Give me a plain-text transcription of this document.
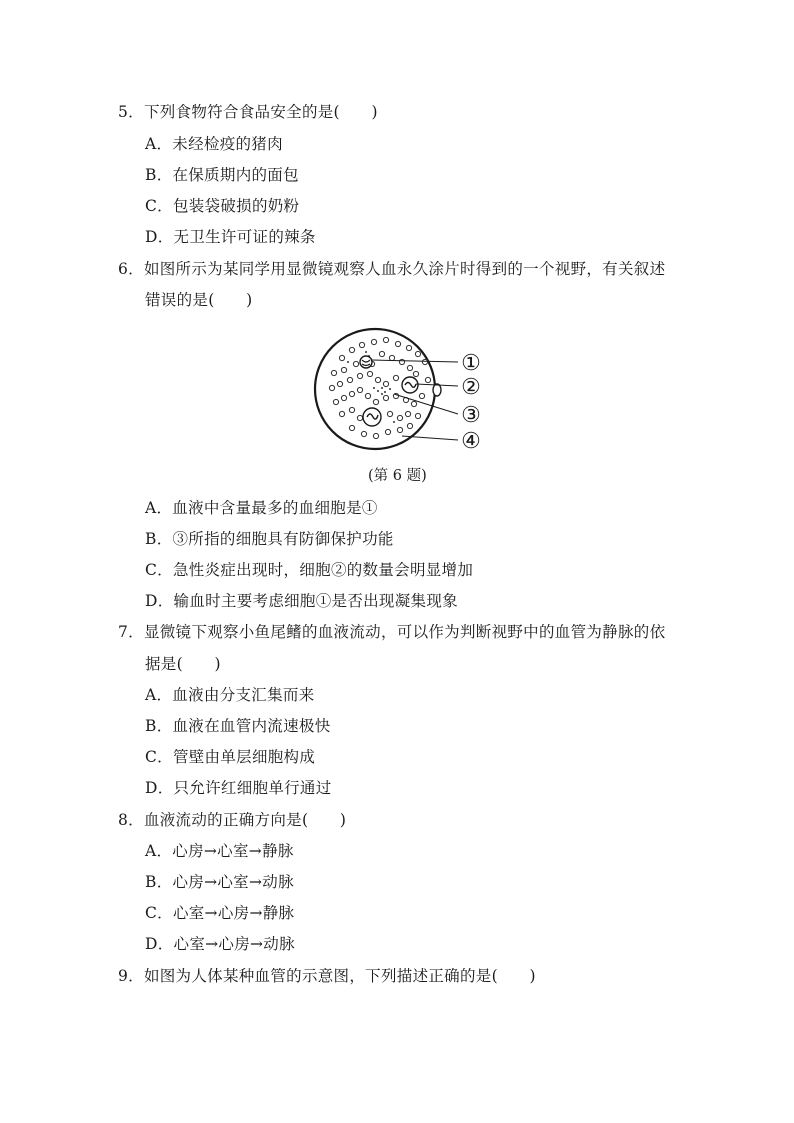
5．下列食物符合食品安全的是(　　)
A．未经检疫的猪肉
B．在保质期内的面包
C．包装袋破损的奶粉
D．无卫生许可证的辣条
6．如图所示为某同学用显微镜观察人血永久涂片时得到的一个视野，有关叙述
错误的是(　　)
①
②
③
④
(第 6 题)
A．血液中含量最多的血细胞是①
B．③所指的细胞具有防御保护功能
C．急性炎症出现时，细胞②的数量会明显增加
D．输血时主要考虑细胞①是否出现凝集现象
7．显微镜下观察小鱼尾鳍的血液流动，可以作为判断视野中的血管为静脉的依
据是(　　)
A．血液由分支汇集而来
B．血液在血管内流速极快
C．管壁由单层细胞构成
D．只允许红细胞单行通过
8．血液流动的正确方向是(　　)
A．心房→心室→静脉
B．心房→心室→动脉
C．心室→心房→静脉
D．心室→心房→动脉
9．如图为人体某种血管的示意图，下列描述正确的是(　　)
